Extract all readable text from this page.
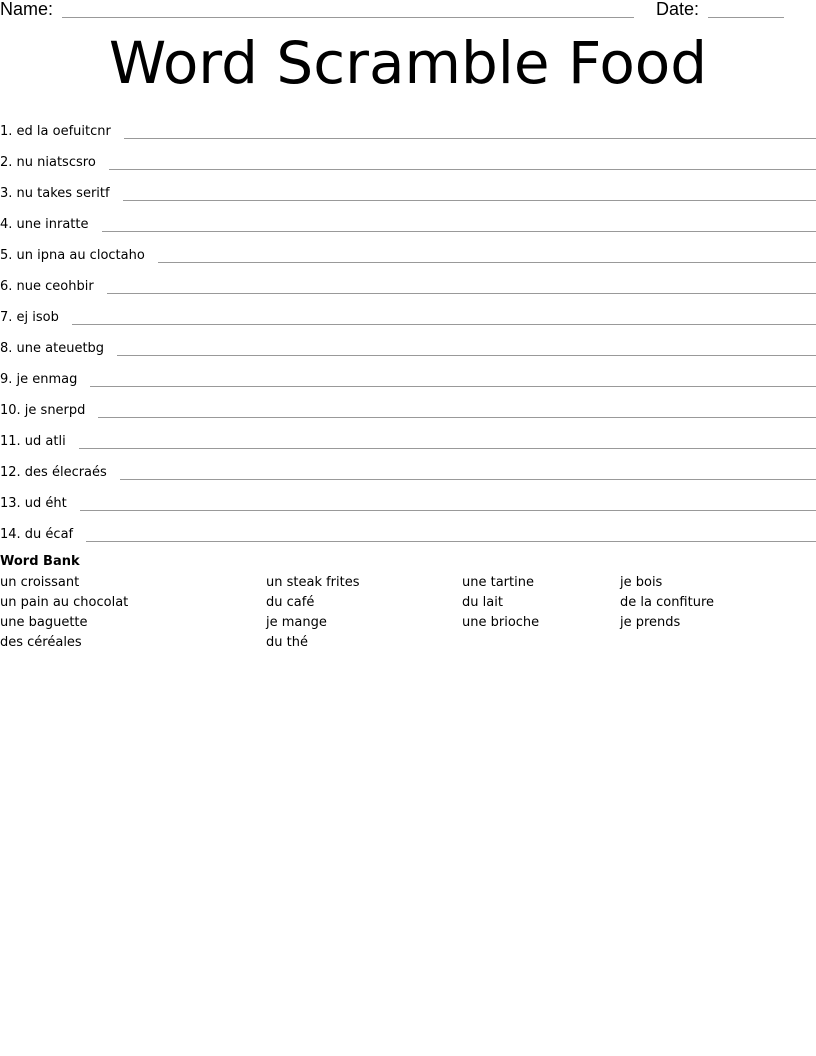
Name:	Date:
Word Scramble Food
1. ed la oefuitcnr
2. nu niatscsro
3. nu takes seritf
4. une inratte
5. un ipna au cloctaho
6. nue ceohbir
7. ej isob
8. une ateuetbg
9. je enmag
10. je snerpd
11. ud atli
12. des élecraés
13. ud éht
14. du écaf
Word Bank
un croissant
un pain au chocolat
une baguette
des céréales
un steak frites
du café
je mange
du thé
une tartine
du lait
une brioche
je bois
de la confiture
je prends
